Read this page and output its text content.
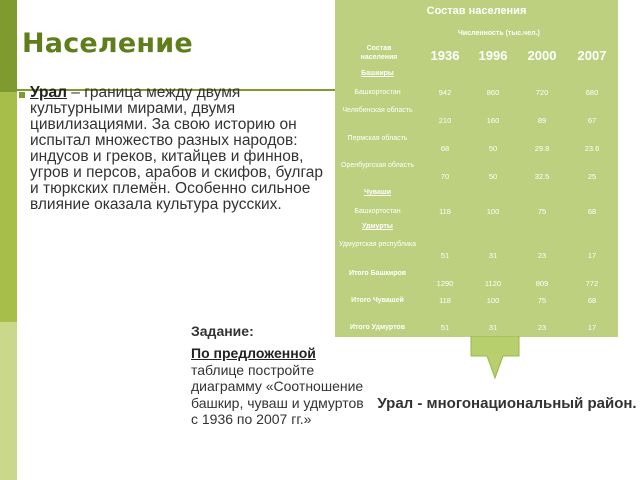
Население
Урал – граница между двумя культурными мирами, двумя цивилизациями. За свою историю он испытал множество разных народов: индусов и греков, китайцев и финнов, угров и персов, арабов и скифов, булгар и тюркских племён. Особенно сильное влияние оказала культура русских.
Состав населения
Численность (тыс.чел.)
Состав населения	1936	1996	2000	2007
Башкиры
Башкортостан	942	860	720	680
Челябинская область
210	160	89	67
Пермская область
68	50	29.8	23.6
Оренбургская область
70	50	32.5	25
Чуваши
Башкортостан	118	100	75	68
Удмурты
Удмуртская республика
51	31	23	17
Итого Башкиров
1290	1120	809	772
Итого Чувашей	118	100	75	68
Итого Удмуртов	51	31	23	17
Задание:
По предложенной таблице постройте диаграмму «Соотношение башкир, чуваш и удмуртов с 1936 по 2007 гг.»
Урал - многонациональный район.
